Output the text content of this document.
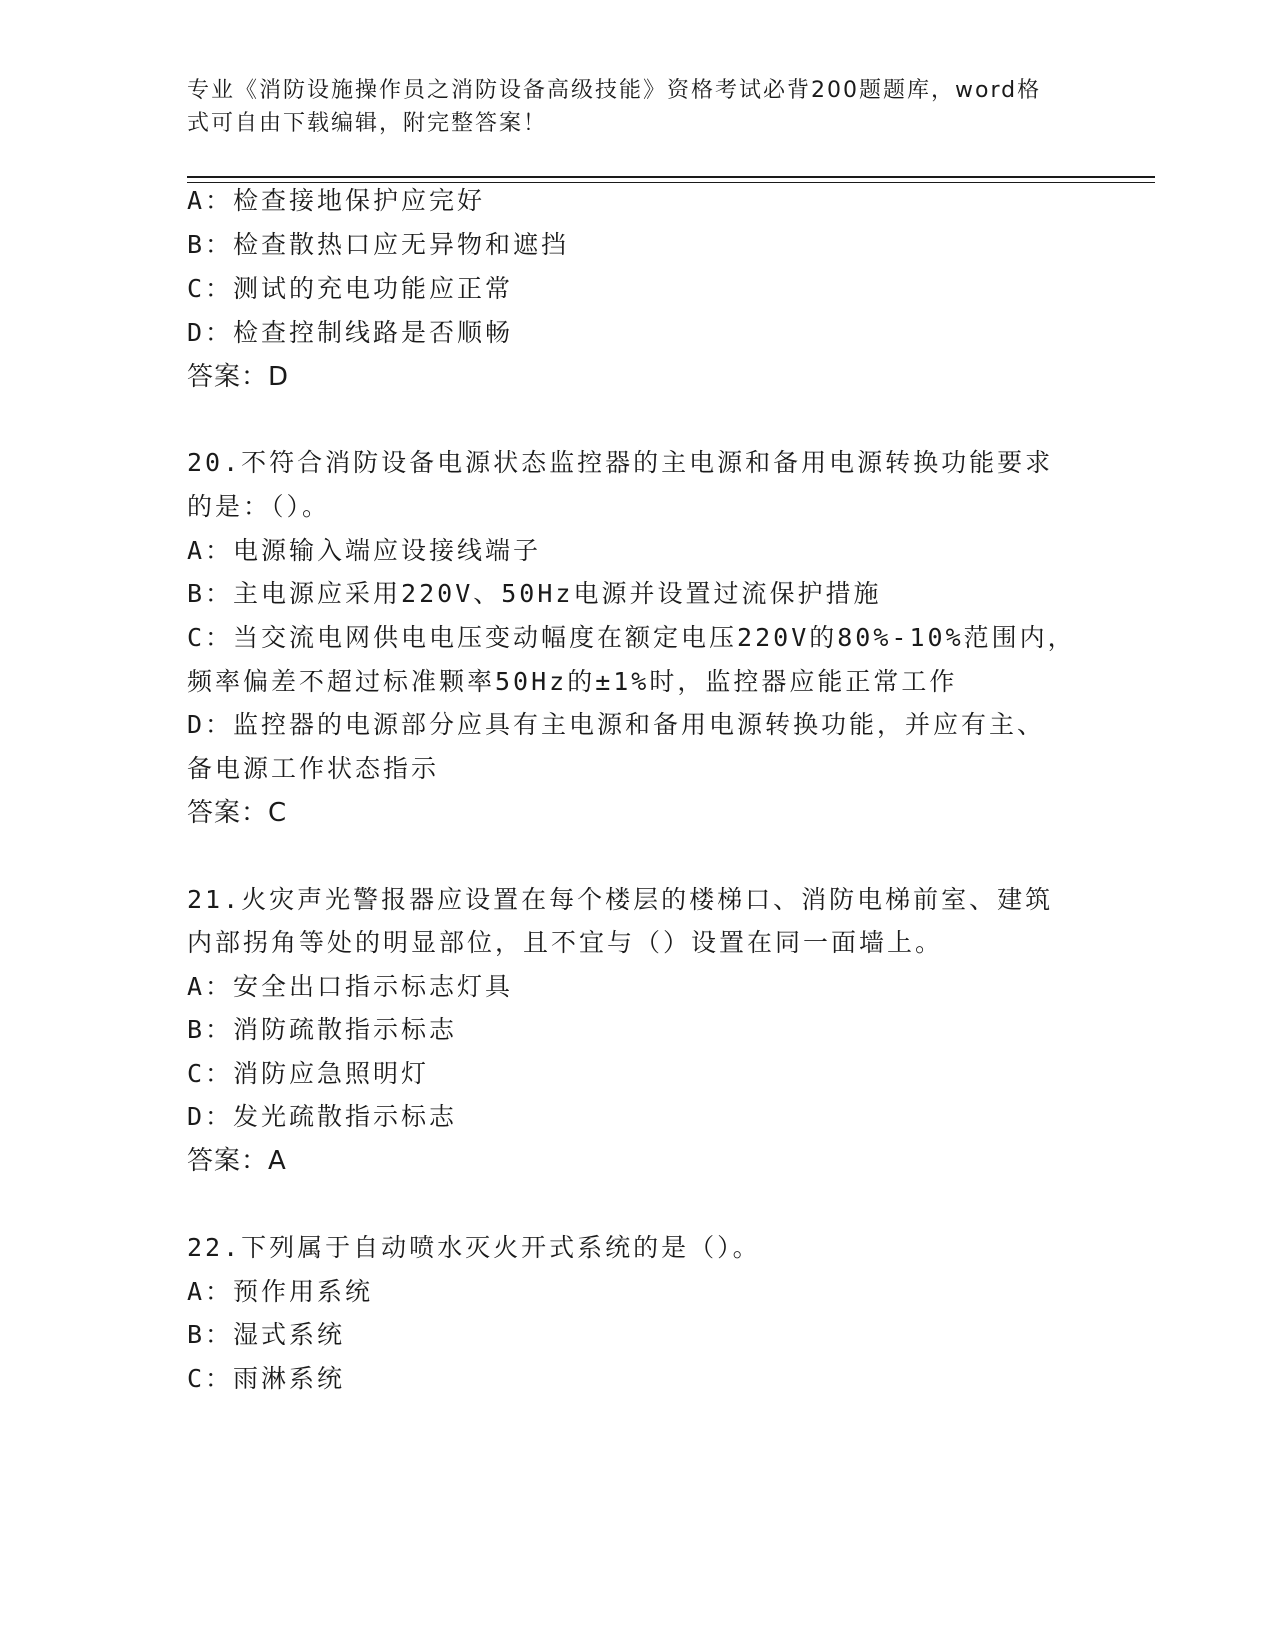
专业《消防设施操作员之消防设备高级技能》资格考试必背200题题库，word格
式可自由下载编辑，附完整答案！
A：检查接地保护应完好
B：检查散热口应无异物和遮挡
C：测试的充电功能应正常
D：检查控制线路是否顺畅
答案：D
20.不符合消防设备电源状态监控器的主电源和备用电源转换功能要求
的是：（）。
A：电源输入端应设接线端子
B：主电源应采用220V、50Hz电源并设置过流保护措施
C：当交流电网供电电压变动幅度在额定电压220V的80%-10%范围内，
频率偏差不超过标准颗率50Hz的±1%时，监控器应能正常工作
D：监控器的电源部分应具有主电源和备用电源转换功能，并应有主、
备电源工作状态指示
答案：C
21.火灾声光警报器应设置在每个楼层的楼梯口、消防电梯前室、建筑
内部拐角等处的明显部位，且不宜与（）设置在同一面墙上。
A：安全出口指示标志灯具
B：消防疏散指示标志
C：消防应急照明灯
D：发光疏散指示标志
答案：A
22.下列属于自动喷水灭火开式系统的是（）。
A：预作用系统
B：湿式系统
C：雨淋系统
